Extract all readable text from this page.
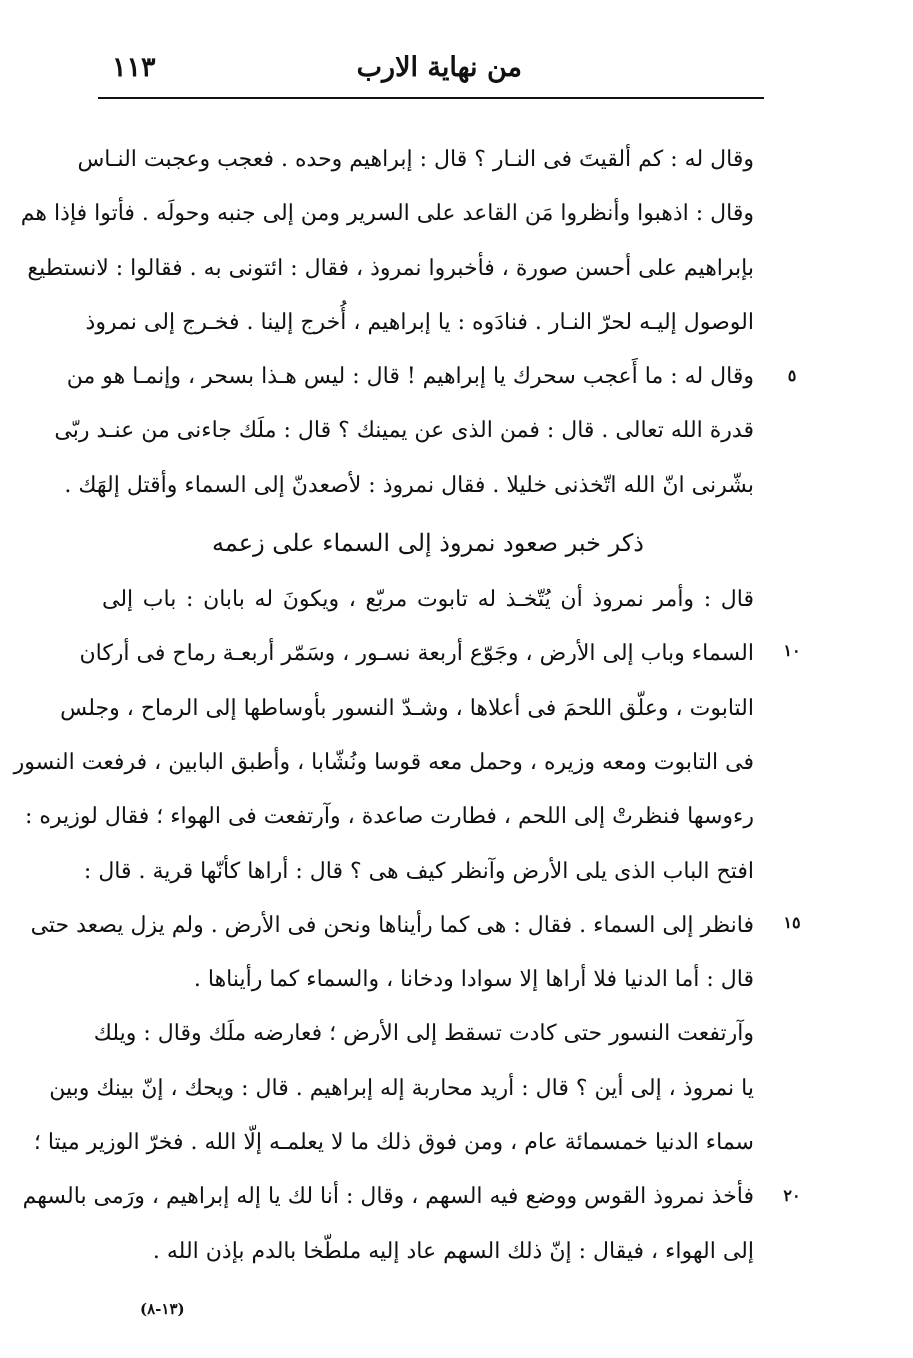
من نهاية الارب
١١٣
وقال له : كم ألقيتَ فى النـار ؟ قال : إبراهيم وحده . فعجب وعجبت النـاس
وقال : اذهبوا وأنظروا مَن القاعد على السرير ومن إلى جنبه وحولَه . فأتوا فإذا هم
بإبراهيم على أحسن صورة ، فأخبروا نمروذ ، فقال : ائتونى به . فقالوا : لانستطيع
الوصول إليـه لحرّ النـار . فنادَوه : يا إبراهيم ، أُخرج إلينا . فخـرج إلى نمروذ
وقال له : ما أَعجب سحرك يا إبراهيم ! قال : ليس هـذا بسحر ، وإنمـا هو من
قدرة الله تعالى . قال : فمن الذى عن يمينك ؟ قال : ملَك جاءنى من عنـد ربّى
بشّرنى انّ الله اتّخذنى خليلا . فقال نمروذ : لأصعدنّ إلى السماء وأقتل إلهَك .
ذكر خبر صعود نمروذ إلى السماء على زعمه
قال : وأمر نمروذ أن يُتّخـذ له تابوت مربّع ، ويكونَ له بابان : باب إلى
السماء وباب إلى الأرض ، وجَوّع أربعة نسـور ، وسَمّر أربعـة رماح فى أركان
التابوت ، وعلّق اللحمَ فى أعلاها ، وشـدّ النسور بأوساطها إلى الرماح ، وجلس
فى التابوت ومعه وزيره ، وحمل معه قوسا ونُشّابا ، وأطبق البابين ، فرفعت النسور
رءوسها فنظرتْ إلى اللحم ، فطارت صاعدة ، وآرتفعت فى الهواء ؛ فقال لوزيره :
افتح الباب الذى يلى الأرض وآنظر كيف هى ؟ قال : أراها كأنّها قرية . قال :
فانظر إلى السماء . فقال : هى كما رأيناها ونحن فى الأرض . ولم يزل يصعد حتى
قال : أما الدنيا فلا أراها إلا سوادا ودخانا ، والسماء كما رأيناها .
وآرتفعت النسور حتى كادت تسقط إلى الأرض ؛ فعارضه ملَك وقال : ويلك
يا نمروذ ، إلى أين ؟ قال : أريد محاربة إله إبراهيم . قال : ويحك ، إنّ بينك وبين
سماء الدنيا خمسمائة عام ، ومن فوق ذلك ما لا يعلمـه إلّا الله . فخرّ الوزير ميتا ؛
فأخذ نمروذ القوس ووضع فيه السهم ، وقال : أنا لك يا إله إبراهيم ، ورَمى بالسهم
إلى الهواء ، فيقال : إنّ ذلك السهم عاد إليه ملطّخا بالدم بإذن الله .
٥
١٠
١٥
٢٠
(١٣-٨)
